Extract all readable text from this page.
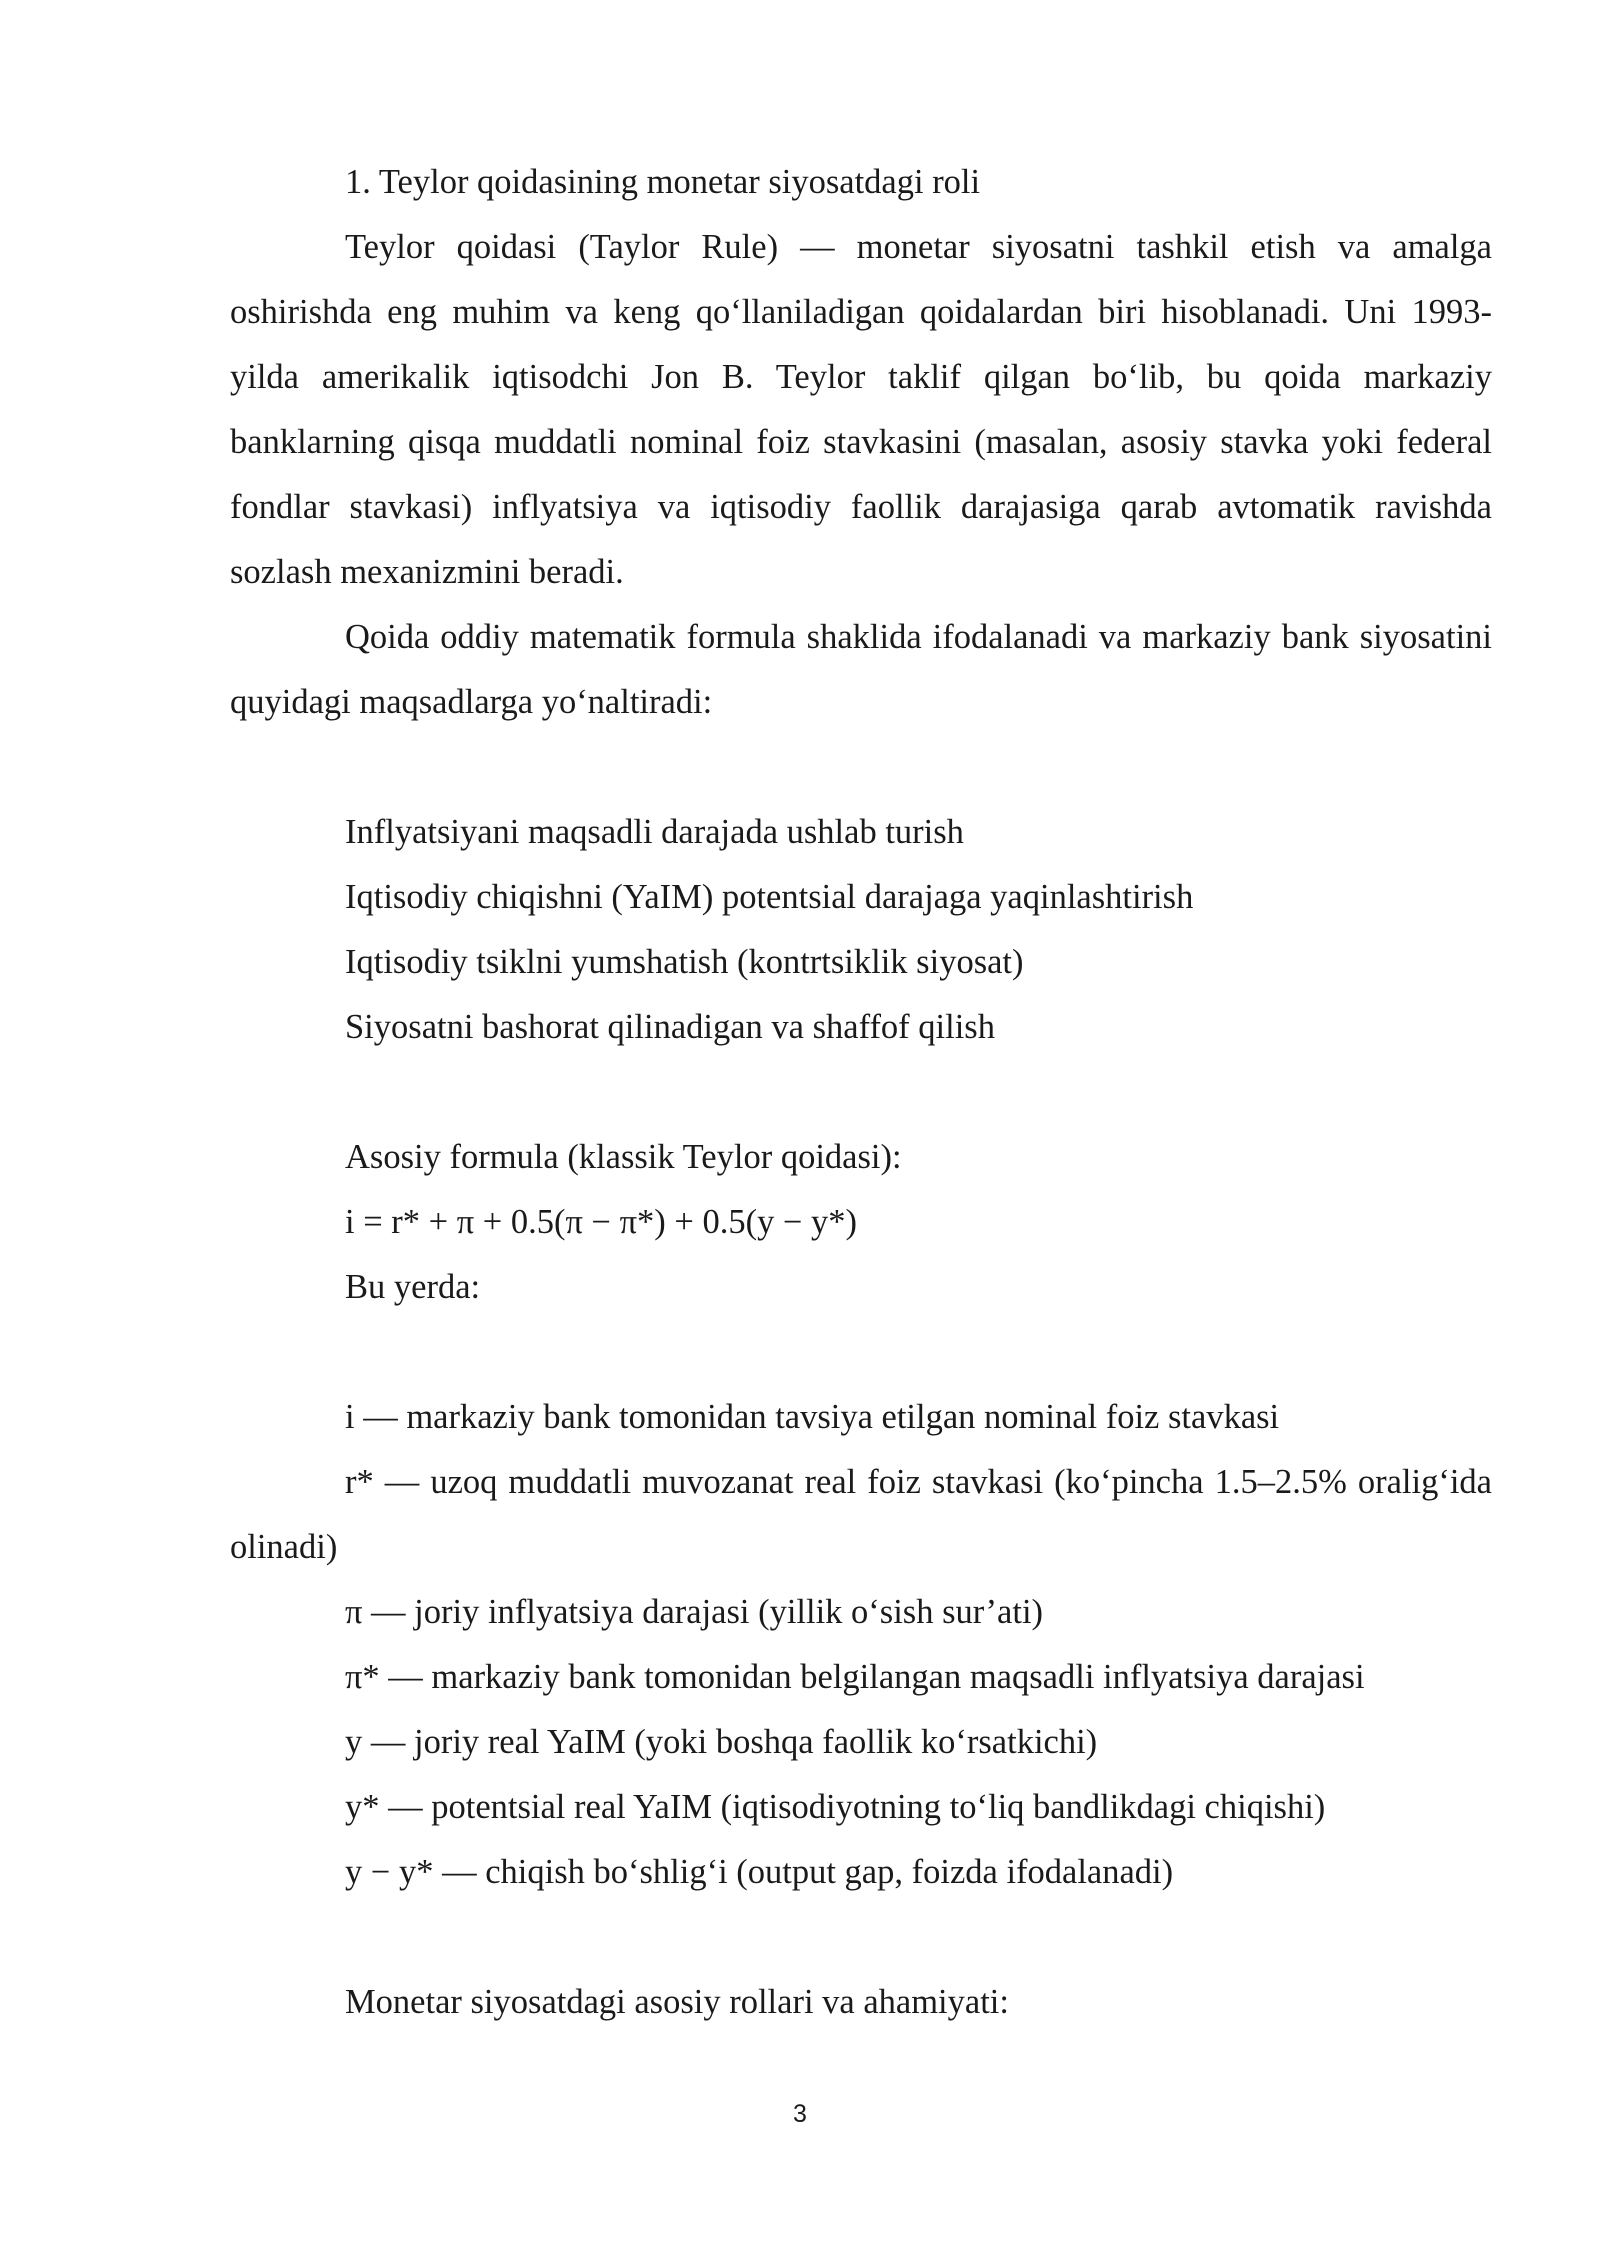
1. Teylor qoidasining monetar siyosatdagi roli

Teylor qoidasi (Taylor Rule) — monetar siyosatni tashkil etish va amalga oshirishda eng muhim va keng qo‘llaniladigan qoidalardan biri hisoblanadi. Uni 1993-yilda amerikalik iqtisodchi Jon B. Teylor taklif qilgan bo‘lib, bu qoida markaziy banklarning qisqa muddatli nominal foiz stavkasini (masalan, asosiy stavka yoki federal fondlar stavkasi) inflyatsiya va iqtisodiy faollik darajasiga qarab avtomatik ravishda sozlash mexanizmini beradi.

Qoida oddiy matematik formula shaklida ifodalanadi va markaziy bank siyosatini quyidagi maqsadlarga yo‘naltiradi:

Inflyatsiyani maqsadli darajada ushlab turish

Iqtisodiy chiqishni (YaIM) potentsial darajaga yaqinlashtirish

Iqtisodiy tsiklni yumshatish (kontrtsiklik siyosat)

Siyosatni bashorat qilinadigan va shaffof qilish

Asosiy formula (klassik Teylor qoidasi):

i = r* + π + 0.5(π − π*) + 0.5(y − y*)

Bu yerda:

i — markaziy bank tomonidan tavsiya etilgan nominal foiz stavkasi

r* — uzoq muddatli muvozanat real foiz stavkasi (ko‘pincha 1.5–2.5% oralig‘ida olinadi)

π — joriy inflyatsiya darajasi (yillik o‘sish sur’ati)

π* — markaziy bank tomonidan belgilangan maqsadli inflyatsiya darajasi

y — joriy real YaIM (yoki boshqa faollik ko‘rsatkichi)

y* — potentsial real YaIM (iqtisodiyotning to‘liq bandlikdagi chiqishi)

y − y* — chiqish bo‘shlig‘i (output gap, foizda ifodalanadi)

Monetar siyosatdagi asosiy rollari va ahamiyati:

3
